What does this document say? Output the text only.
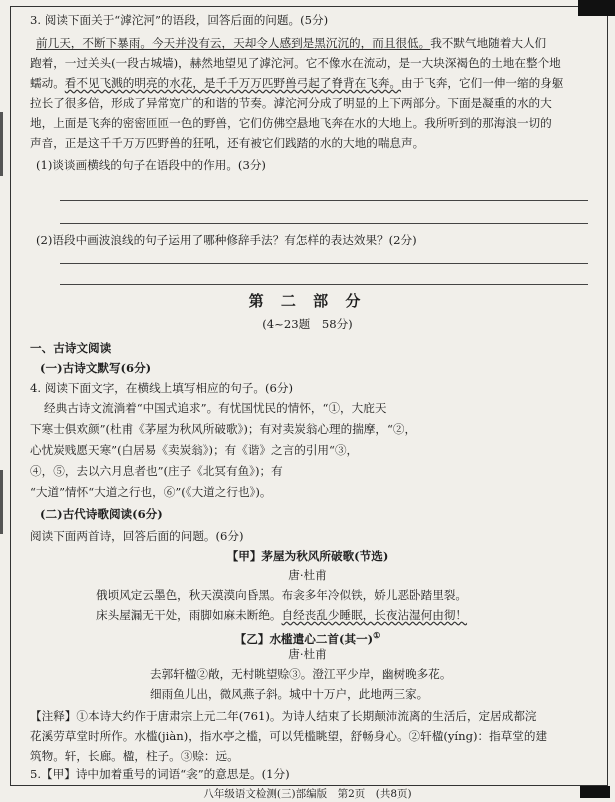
3. 阅读下面关于“滹沱河”的语段，回答后面的问题。(5分)
前几天，不断下暴雨。今天并没有云，天却令人感到是黑沉沉的，而且很低。我不默气地随着大人们
跑着，一过关头(一段古城墙)，赫然地望见了滹沱河。它不像水在流动，是一大块深褐色的土地在整个地
蠕动。看不见飞溅的明亮的水花，是千千万万匹野兽弓起了脊背在飞奔。由于飞奔，它们一伸一缩的身躯
拉长了很多倍，形成了异常宽广的和谐的节奏。滹沱河分成了明显的上下两部分。下面是凝重的水的大
地，上面是飞奔的密密匝匝一色的野兽，它们仿佛空悬地飞奔在水的大地上。我所听到的那海浪一切的
声音，正是这千千万万匹野兽的狂吼，还有被它们践踏的水的大地的喘息声。
(1)谈谈画横线的句子在语段中的作用。(3分)
(2)语段中画波浪线的句子运用了哪种修辞手法？有怎样的表达效果？(2分)
第 二 部 分
(4~23题　58分)
一、古诗文阅读
(一)古诗文默写(6分)
4. 阅读下面文字，在横线上填写相应的句子。(6分)
经典古诗文流淌着“中国式追求”。有忧国忧民的情怀，“①，大庇天
下寒士俱欢颜”(杜甫《茅屋为秋风所破歌》)；有对卖炭翁心理的揣摩，“②，
心忧炭贱愿天寒”(白居易《卖炭翁》)；有《谐》之言的引用“③，
④，⑤，去以六月息者也”(庄子《北冥有鱼》)；有
“大道”情怀“大道之行也，⑥”(《大道之行也》)。
(二)古代诗歌阅读(6分)
阅读下面两首诗，回答后面的问题。(6分)
【甲】茅屋为秋风所破歌(节选)
唐·杜甫
俄顷风定云墨色，秋天漠漠向昏黑。布衾多年冷似铁，娇儿恶卧踏里裂。
床头屋漏无干处，雨脚如麻未断绝。自经丧乱少睡眠，长夜沾湿何由彻！
【乙】水槛遣心二首(其一)①
唐·杜甫
去郭轩楹②敞，无村眺望赊③。澄江平少岸，幽树晚多花。
细雨鱼儿出，微风燕子斜。城中十万户，此地两三家。
【注释】①本诗大约作于唐肃宗上元二年(761)。为诗人结束了长期颠沛流离的生活后，定居成都浣
花溪劳草堂时所作。水槛(jiàn)，指水亭之槛，可以凭槛眺望，舒畅身心。②轩楹(yíng)：指草堂的建
筑物。轩，长廊。楹，柱子。③赊：远。
5.【甲】诗中加着重号的词语“衾”的意思是。(1分)
八年级语文检测(三)部编版　第2页　(共8页)
